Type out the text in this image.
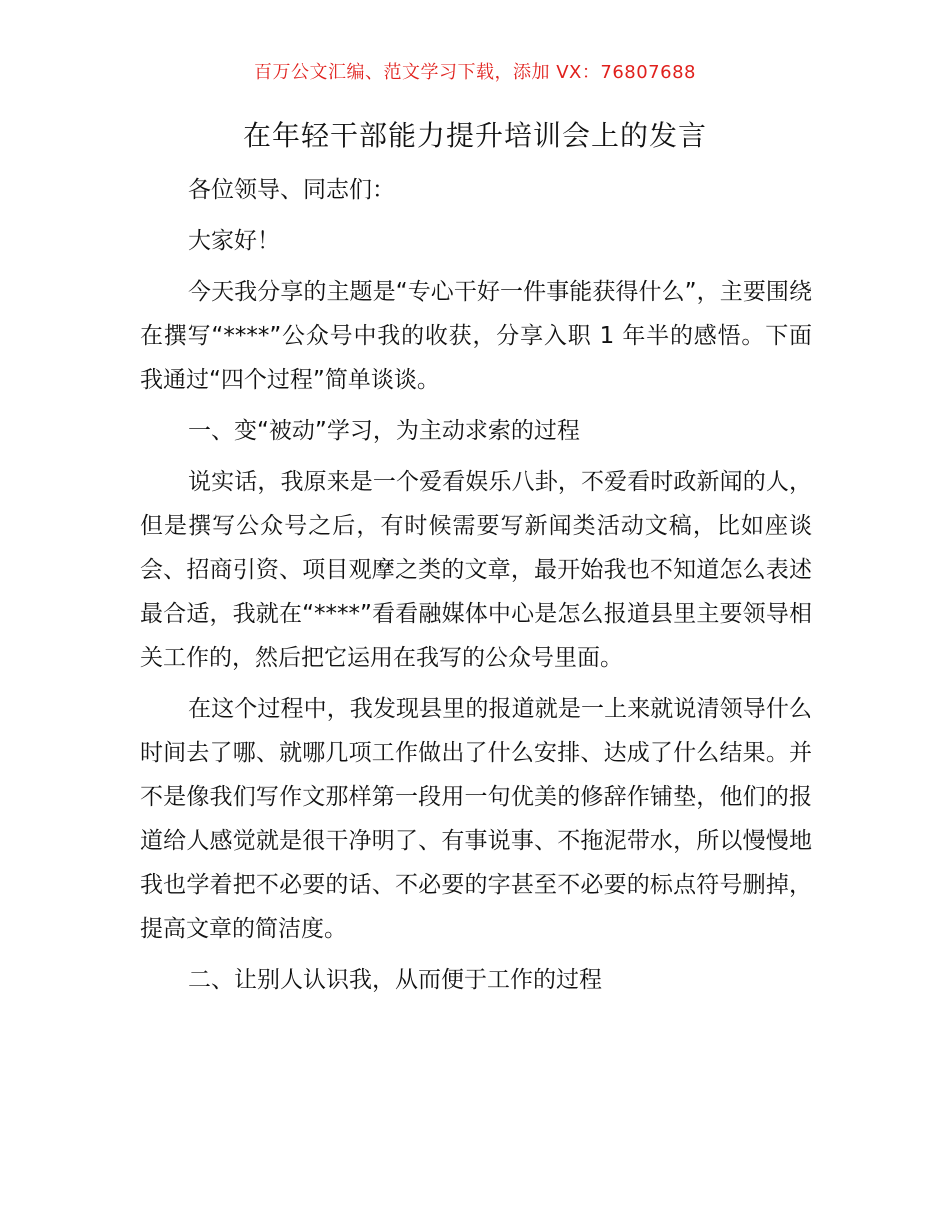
百万公文汇编、范文学习下载，添加 VX：76807688
在年轻干部能力提升培训会上的发言

各位领导、同志们：

大家好！

今天我分享的主题是“专心干好一件事能获得什么”，主要围绕在撰写“****”公众号中我的收获，分享入职 1 年半的感悟。下面我通过“四个过程”简单谈谈。

一、变“被动”学习，为主动求索的过程

说实话，我原来是一个爱看娱乐八卦，不爱看时政新闻的人，但是撰写公众号之后，有时候需要写新闻类活动文稿，比如座谈会、招商引资、项目观摩之类的文章，最开始我也不知道怎么表述最合适，我就在“****”看看融媒体中心是怎么报道县里主要领导相关工作的，然后把它运用在我写的公众号里面。

在这个过程中，我发现县里的报道就是一上来就说清领导什么时间去了哪、就哪几项工作做出了什么安排、达成了什么结果。并不是像我们写作文那样第一段用一句优美的修辞作铺垫，他们的报道给人感觉就是很干净明了、有事说事、不拖泥带水，所以慢慢地我也学着把不必要的话、不必要的字甚至不必要的标点符号删掉，提高文章的简洁度。

二、让别人认识我，从而便于工作的过程
